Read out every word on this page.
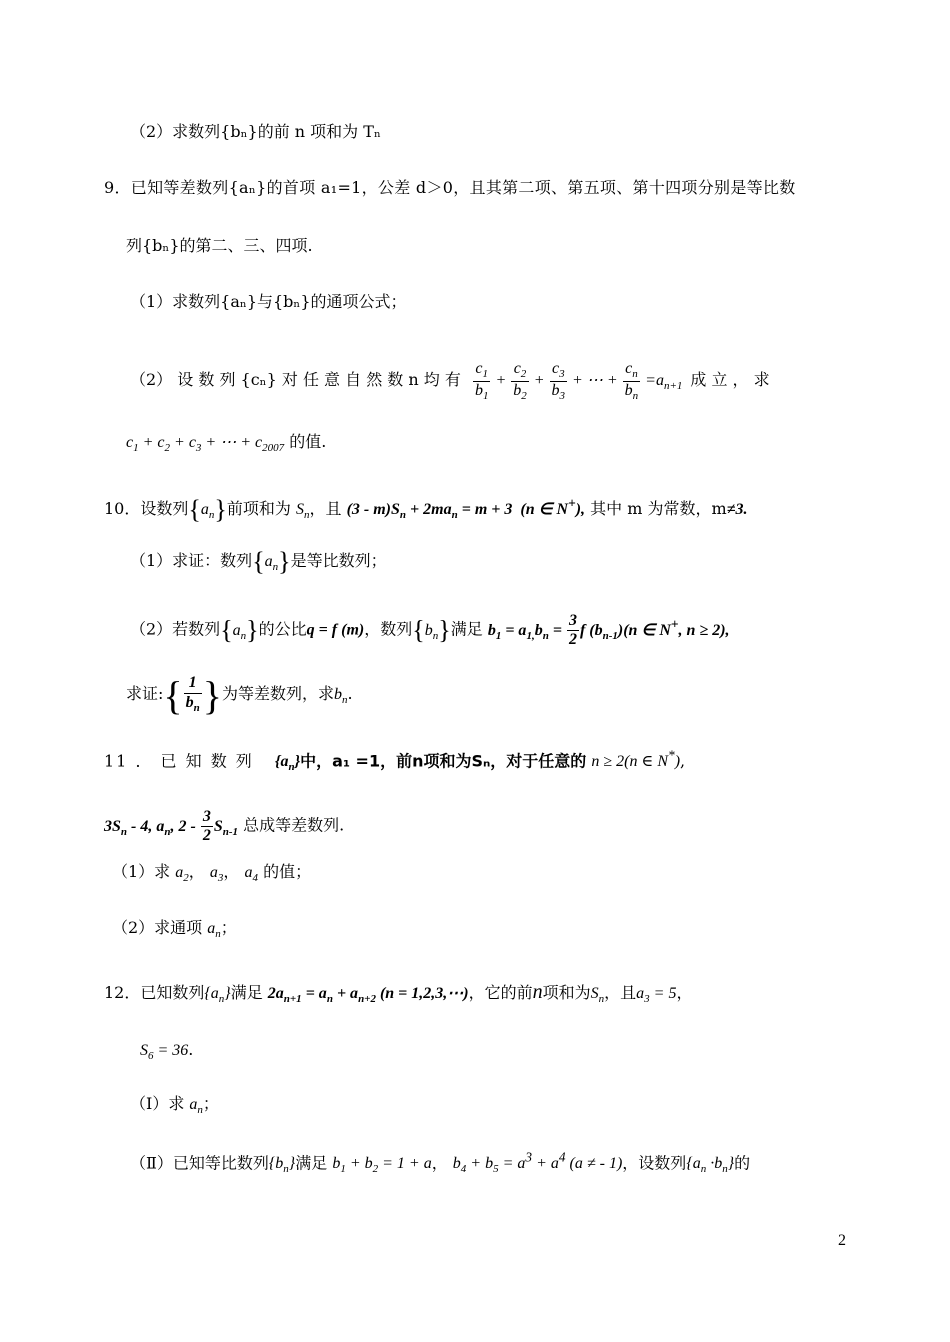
（2）求数列{bₙ}的前 n 项和为 Tₙ
9．已知等差数列{aₙ}的首项 a₁=1，公差 d＞0，且其第二项、第五项、第十四项分别是等比数
列{bₙ}的第二、三、四项.
（1）求数列{aₙ}与{bₙ}的通项公式；
（2） 设 数 列 {cₙ} 对 任 意 自 然 数 n 均 有 $\frac{c_1}{b_1} + \frac{c_2}{b_2} + \frac{c_3}{b_3}$ + ⋯ + $\frac{c_n}{b_n} =a_{n+1}$ 成 立 ， 求
$c_1 + c_2 + c_3$ + ⋯ + $c_{2007}$ 的值.
10．设数列$\{a_n\}$前项和为 $S_n$，且 $(3 - m)S_n + 2ma_n = m + 3$  (n ∈ N+), 其中 m 为常数，m≠3.
（1）求证：数列$\{a_n\}$是等比数列；
（2）若数列$\{a_n\}$的公比q = f (m)，数列$\{b_n\}$满足 $b_1 = a_{1,}b_n = \frac{3}{2}$ f $(b_{n-1})(n$ ∈ N+, n ≥ 2),
求证:{ $\frac{1}{b_n}$ }为等差数列，求$b_n$.
11 ． 已 知 数 列 $\{a_n\}$中，a₁ =1，前n项和为Sₙ，对于任意的 n ≥ 2(n ∈ N*),
$3S_n - 4$, $a_n$, $2 - \frac{3}{2} S_{n-1}$ 总成等差数列.
（1）求 $a_2$， $a_3$， $a_4$ 的值；
（2）求通项 $a_n$；
12．已知数列$\{a_n\}$满足 $2a_{n+1} = a_n + a_{n+2}$ (n = 1,2,3,⋯)，它的前n项和为$S_n$，且$a_3 = 5$，
$S_6 = 36$.
（Ⅰ）求 $a_n$；
（Ⅱ）已知等比数列$\{b_n\}$满足 $b_1 + b_2 = 1 + a$， $b_4 + b_5 = a^3 + a^4$ (a ≠ - 1)，设数列$\{a_n \cdot b_n\}$的
2
